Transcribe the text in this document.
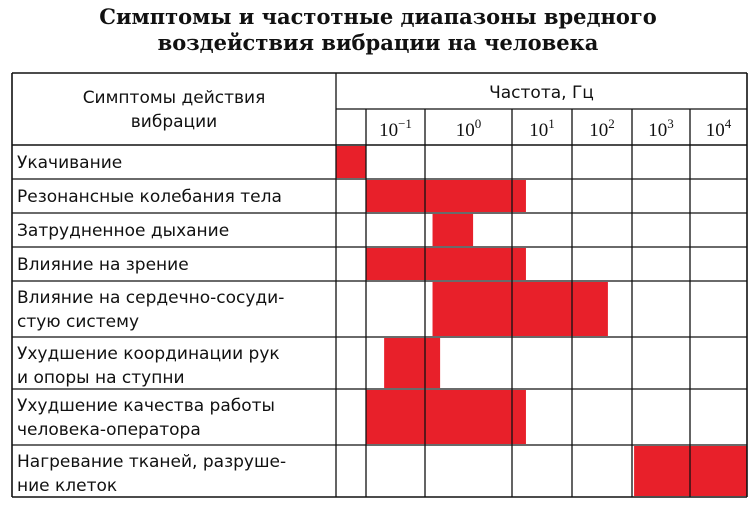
Симптомы и частотные диапазоны вредного
воздействия вибрации на человека
Симптомы действия
вибрации
Частота, Гц
$10^{-1}$ $10^0$	$10^1$ $10^2$ $10^3$ $10^4$
Укачивание
Резонансные колебания тела
Затрудненное дыхание
Влияние на зрение
Влияние на сердечно-сосуди-
стую систему
Ухудшение координации рук
и опоры на ступни
Ухудшение качества работы
человека-оператора
Нагревание тканей, разруше-
ние клеток
